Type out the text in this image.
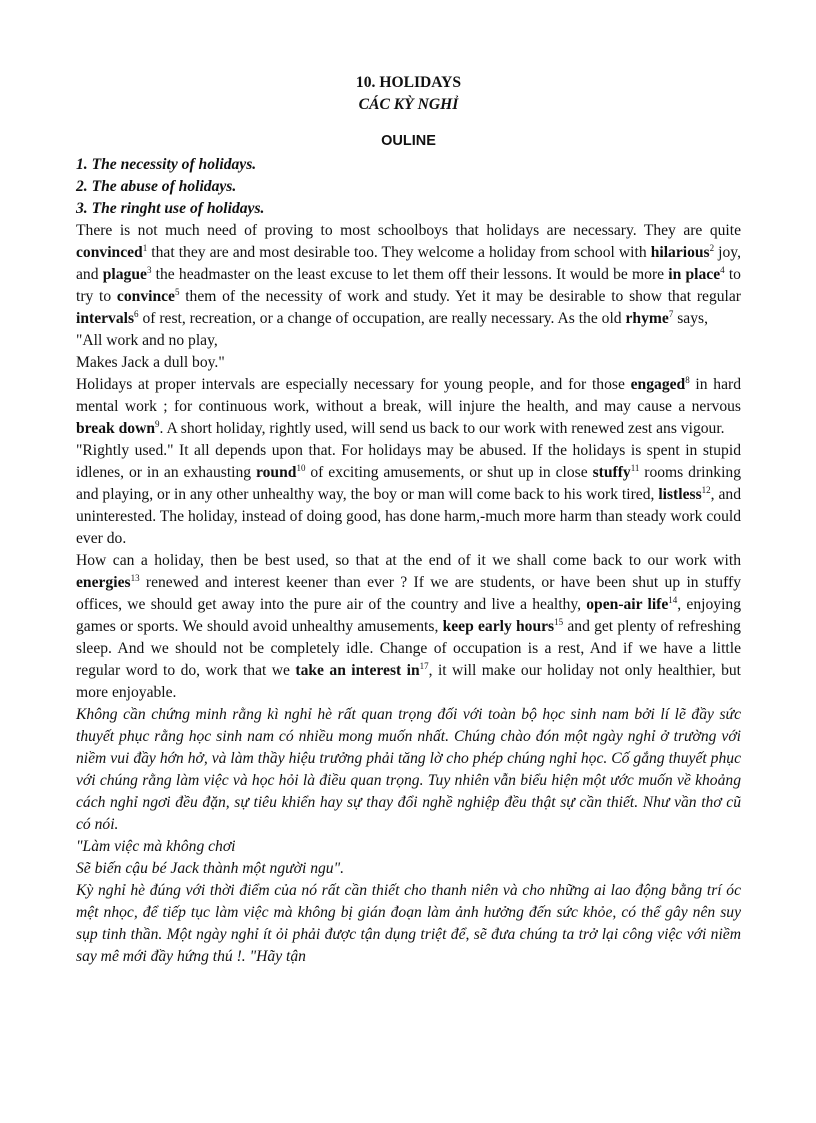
10. HOLIDAYS
CÁC KỲ NGHỈ
OULINE
1. The necessity of holidays.
2. The abuse of holidays.
3. The ringht use of holidays.

There is not much need of proving to most schoolboys that holidays are necessary. They are quite convinced$^1$ that they are and most desirable too. They welcome a holiday from school with hilarious$^2$ joy, and plague$^3$ the headmaster on the least excuse to let them off their lessons. It would be more in place$^4$ to try to convince$^5$ them of the necessity of work and study. Yet it may be desirable to show that regular intervals$^6$ of rest, recreation, or a change of occupation, are really necessary. As the old rhyme$^7$ says,

"All work and no play,
Makes Jack a dull boy."

Holidays at proper intervals are especially necessary for young people, and for those engaged$^8$ in hard mental work ; for continuous work, without a break, will injure the health, and may cause a nervous break down$^9$. A short holiday, rightly used, will send us back to our work with renewed zest ans vigour.

"Rightly used." It all depends upon that. For holidays may be abused. If the holidays is spent in stupid idlenes, or in an exhausting round$^{10}$ of exciting amusements, or shut up in close stuffy$^{11}$ rooms drinking and playing, or in any other unhealthy way, the boy or man will come back to his work tired, listless$^{12}$, and uninterested. The holiday, instead of doing good, has done harm,-much more harm than steady work could ever do.

How can a holiday, then be best used, so that at the end of it we shall come back to our work with energies$^{13}$ renewed and interest keener than ever ? If we are students, or have been shut up in stuffy offices, we should get away into the pure air of the country and live a healthy, open-air life$^{14}$, enjoying games or sports. We should avoid unhealthy amusements, keep early hours$^{15}$ and get plenty of refreshing sleep. And we should not be completely idle. Change of occupation is a rest, And if we have a little regular word to do, work that we take an interest $in^{17}$, it will make our holiday not only healthier, but more enjoyable.

Không cần chứng minh rằng kì nghỉ hè rất quan trọng đối với toàn bộ học sinh nam bởi lí lẽ đầy sức thuyết phục rằng học sinh nam có nhiều mong muốn nhất. Chúng chào đón một ngày nghỉ ở trường với niềm vui đầy hớn hở, và làm thầy hiệu trưởng phải tăng lờ cho phép chúng nghỉ học. Cố gắng thuyết phục với chúng rằng làm việc và học hỏi là điều quan trọng. Tuy nhiên vẫn biểu hiện một ước muốn về khoảng cách nghỉ ngơi đều đặn, sự tiêu khiển hay sự thay đổi nghề nghiệp đều thật sự cần thiết. Như vần thơ cũ có nói.

"Làm việc mà không chơi
Sẽ biến cậu bé Jack thành một người ngu".

Kỳ nghỉ hè đúng với thời điểm của nó rất cần thiết cho thanh niên và cho những ai lao động bằng trí óc mệt nhọc, để tiếp tục làm việc mà không bị gián đoạn làm ảnh hưởng đến sức khỏe, có thể gây nên suy sụp tinh thần. Một ngày nghỉ ít ỏi phải được tận dụng triệt để, sẽ đưa chúng ta trở lại công việc với niềm say mê mới đầy hứng thú !. "Hãy tận
